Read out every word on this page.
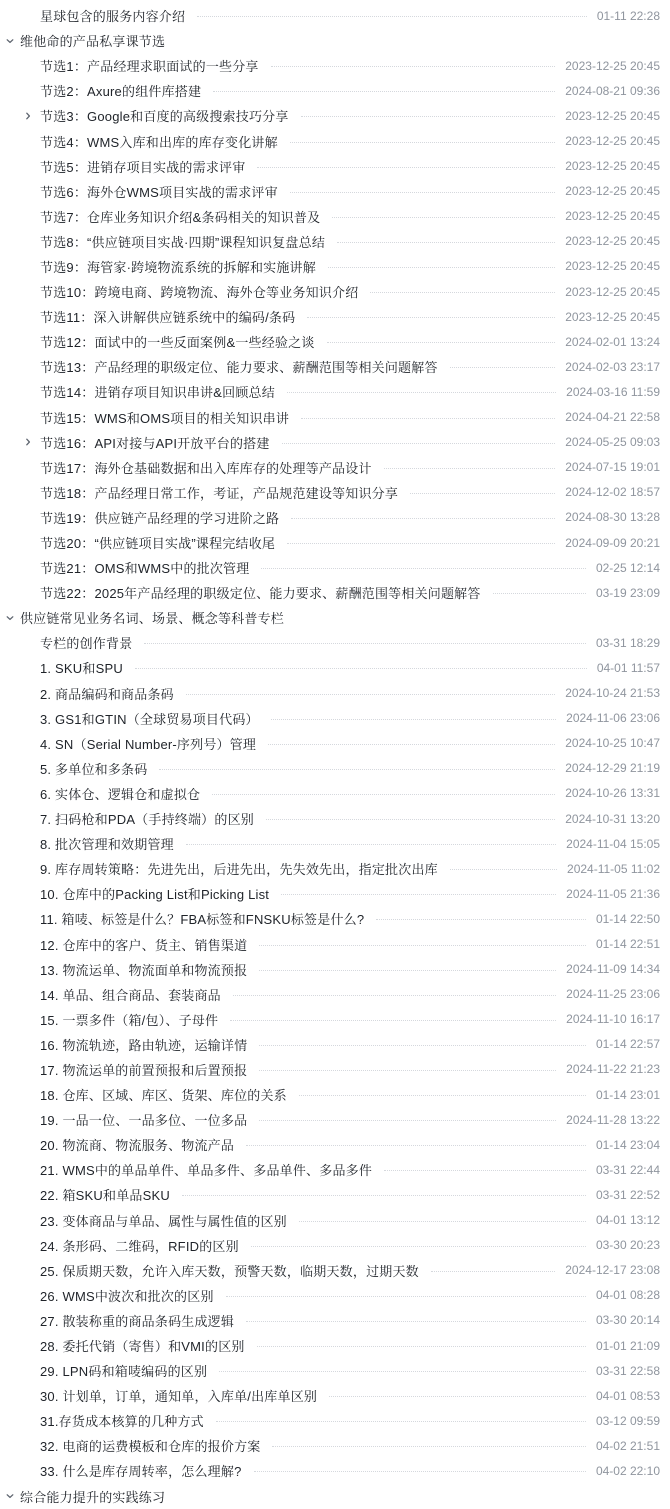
星球包含的服务内容介绍	01-11 22:28
维他命的产品私享课节选
节选1：产品经理求职面试的一些分享	2023-12-25 20:45
节选2：Axure的组件库搭建	2024-08-21 09:36
节选3：Google和百度的高级搜索技巧分享	2023-12-25 20:45
节选4：WMS入库和出库的库存变化讲解	2023-12-25 20:45
节选5：进销存项目实战的需求评审	2023-12-25 20:45
节选6：海外仓WMS项目实战的需求评审	2023-12-25 20:45
节选7：仓库业务知识介绍&条码相关的知识普及	2023-12-25 20:45
节选8：“供应链项目实战·四期”课程知识复盘总结	2023-12-25 20:45
节选9：海管家·跨境物流系统的拆解和实施讲解	2023-12-25 20:45
节选10：跨境电商、跨境物流、海外仓等业务知识介绍	2023-12-25 20:45
节选11：深入讲解供应链系统中的编码/条码	2023-12-25 20:45
节选12：面试中的一些反面案例&一些经验之谈	2024-02-01 13:24
节选13：产品经理的职级定位、能力要求、薪酬范围等相关问题解答	2024-02-03 23:17
节选14：进销存项目知识串讲&回顾总结	2024-03-16 11:59
节选15：WMS和OMS项目的相关知识串讲	2024-04-21 22:58
节选16：API对接与API开放平台的搭建	2024-05-25 09:03
节选17：海外仓基础数据和出入库库存的处理等产品设计	2024-07-15 19:01
节选18：产品经理日常工作，考证，产品规范建设等知识分享	2024-12-02 18:57
节选19：供应链产品经理的学习进阶之路	2024-08-30 13:28
节选20：“供应链项目实战”课程完结收尾	2024-09-09 20:21
节选21：OMS和WMS中的批次管理	02-25 12:14
节选22：2025年产品经理的职级定位、能力要求、薪酬范围等相关问题解答	03-19 23:09
供应链常见业务名词、场景、概念等科普专栏
专栏的创作背景	03-31 18:29
1. SKU和SPU	04-01 11:57
2. 商品编码和商品条码	2024-10-24 21:53
3. GS1和GTIN（全球贸易项目代码）	2024-11-06 23:06
4. SN（Serial Number-序列号）管理	2024-10-25 10:47
5. 多单位和多条码	2024-12-29 21:19
6. 实体仓、逻辑仓和虚拟仓	2024-10-26 13:31
7. 扫码枪和PDA（手持终端）的区别	2024-10-31 13:20
8. 批次管理和效期管理	2024-11-04 15:05
9. 库存周转策略：先进先出，后进先出，先失效先出，指定批次出库	2024-11-05 11:02
10. 仓库中的Packing List和Picking List	2024-11-05 21:36
11. 箱唛、标签是什么？FBA标签和FNSKU标签是什么?	01-14 22:50
12. 仓库中的客户、货主、销售渠道	01-14 22:51
13. 物流运单、物流面单和物流预报	2024-11-09 14:34
14. 单品、组合商品、套装商品	2024-11-25 23:06
15. 一票多件（箱/包）、子母件	2024-11-10 16:17
16. 物流轨迹，路由轨迹，运输详情	01-14 22:57
17. 物流运单的前置预报和后置预报	2024-11-22 21:23
18. 仓库、区域、库区、货架、库位的关系	01-14 23:01
19. 一品一位、一品多位、一位多品	2024-11-28 13:22
20. 物流商、物流服务、物流产品	01-14 23:04
21. WMS中的单品单件、单品多件、多品单件、多品多件	03-31 22:44
22. 箱SKU和单品SKU	03-31 22:52
23. 变体商品与单品、属性与属性值的区别	04-01 13:12
24. 条形码、二维码，RFID的区别	03-30 20:23
25. 保质期天数，允许入库天数，预警天数，临期天数，过期天数	2024-12-17 23:08
26. WMS中波次和批次的区别	04-01 08:28
27. 散装称重的商品条码生成逻辑	03-30 20:14
28. 委托代销（寄售）和VMI的区别	01-01 21:09
29. LPN码和箱唛编码的区别	03-31 22:58
30. 计划单，订单，通知单，入库单/出库单区别	04-01 08:53
31.存货成本核算的几种方式	03-12 09:59
32. 电商的运费模板和仓库的报价方案	04-02 21:51
33. 什么是库存周转率，怎么理解?	04-02 22:10
综合能力提升的实践练习
